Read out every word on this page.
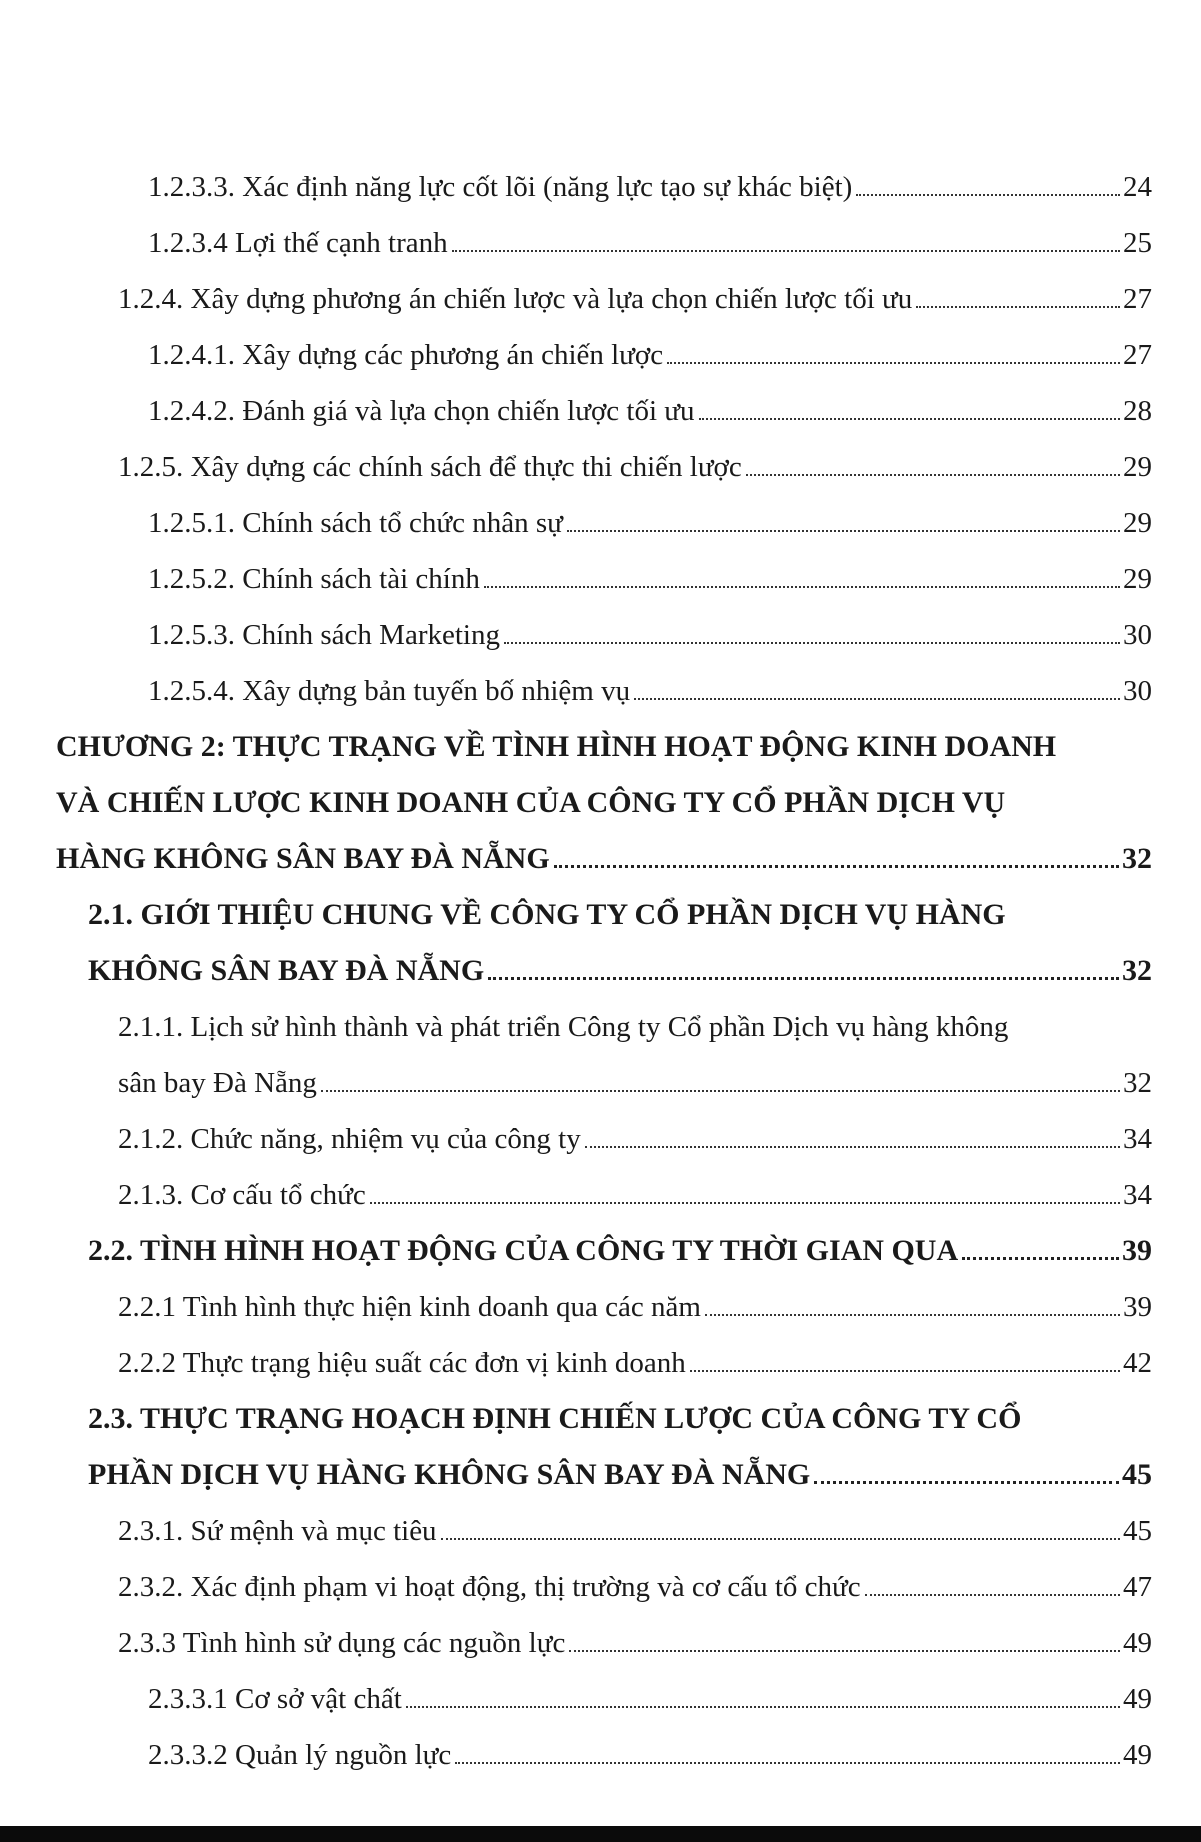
1.2.3.3. Xác định năng lực cốt lõi (năng lực tạo sự khác biệt)	24
1.2.3.4 Lợi thế cạnh tranh	25
1.2.4. Xây dựng phương án chiến lược và lựa chọn chiến lược tối ưu	27
1.2.4.1. Xây dựng các phương án chiến lược	27
1.2.4.2. Đánh giá và lựa chọn chiến lược tối ưu	28
1.2.5. Xây dựng các chính sách để thực thi chiến lược	29
1.2.5.1. Chính sách tổ chức nhân sự	29
1.2.5.2. Chính sách tài chính	29
1.2.5.3. Chính sách Marketing	30
1.2.5.4. Xây dựng bản tuyến bố nhiệm vụ	30
CHƯƠNG 2: THỰC TRẠNG VỀ TÌNH HÌNH HOẠT ĐỘNG KINH DOANH
VÀ CHIẾN LƯỢC KINH DOANH CỦA CÔNG TY CỔ PHẦN DỊCH VỤ
HÀNG KHÔNG SÂN BAY ĐÀ NẴNG	32
2.1. GIỚI THIỆU CHUNG VỀ CÔNG TY CỔ PHẦN DỊCH VỤ HÀNG
KHÔNG SÂN BAY ĐÀ NẴNG	32
2.1.1. Lịch sử hình thành và phát triển Công ty Cổ phần Dịch vụ hàng không
sân bay Đà Nẵng	32
2.1.2. Chức năng, nhiệm vụ của công ty	34
2.1.3. Cơ cấu tổ chức	34
2.2. TÌNH HÌNH HOẠT ĐỘNG CỦA CÔNG TY THỜI GIAN QUA	39
2.2.1 Tình hình thực hiện kinh doanh qua các năm	39
2.2.2 Thực trạng hiệu suất các đơn vị kinh doanh	42
2.3. THỰC TRẠNG HOẠCH ĐỊNH CHIẾN LƯỢC CỦA CÔNG TY CỔ
PHẦN DỊCH VỤ HÀNG KHÔNG SÂN BAY ĐÀ NẴNG	45
2.3.1. Sứ mệnh và mục tiêu	45
2.3.2. Xác định phạm vi hoạt động, thị trường và cơ cấu tổ chức	47
2.3.3 Tình hình sử dụng các nguồn lực	49
2.3.3.1 Cơ sở vật chất	49
2.3.3.2 Quản lý nguồn lực	49
